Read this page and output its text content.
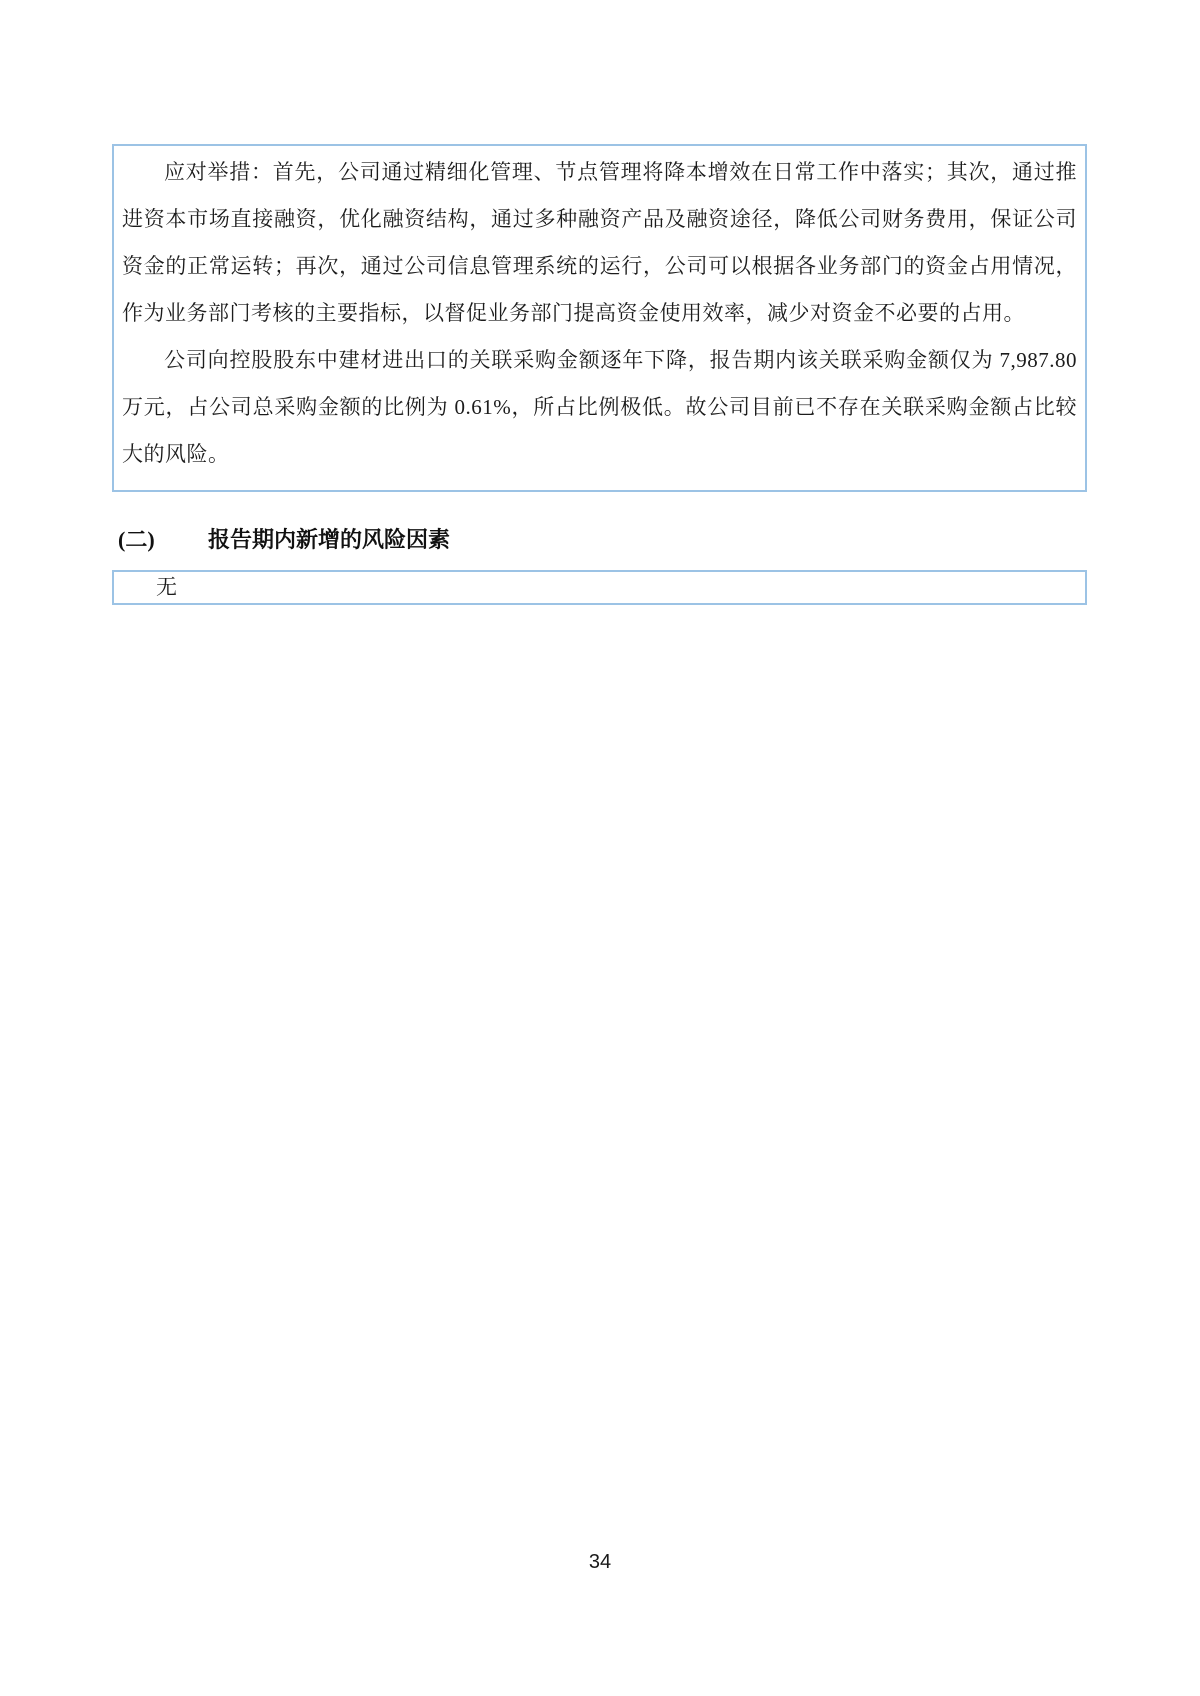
应对举措：首先，公司通过精细化管理、节点管理将降本增效在日常工作中落实；其次，通过推进资本市场直接融资，优化融资结构，通过多种融资产品及融资途径，降低公司财务费用，保证公司资金的正常运转；再次，通过公司信息管理系统的运行，公司可以根据各业务部门的资金占用情况，作为业务部门考核的主要指标，以督促业务部门提高资金使用效率，减少对资金不必要的占用。

公司向控股股东中建材进出口的关联采购金额逐年下降，报告期内该关联采购金额仅为 7,987.80 万元，占公司总采购金额的比例为 0.61%，所占比例极低。故公司目前已不存在关联采购金额占比较大的风险。

(二) 报告期内新增的风险因素

无

34
